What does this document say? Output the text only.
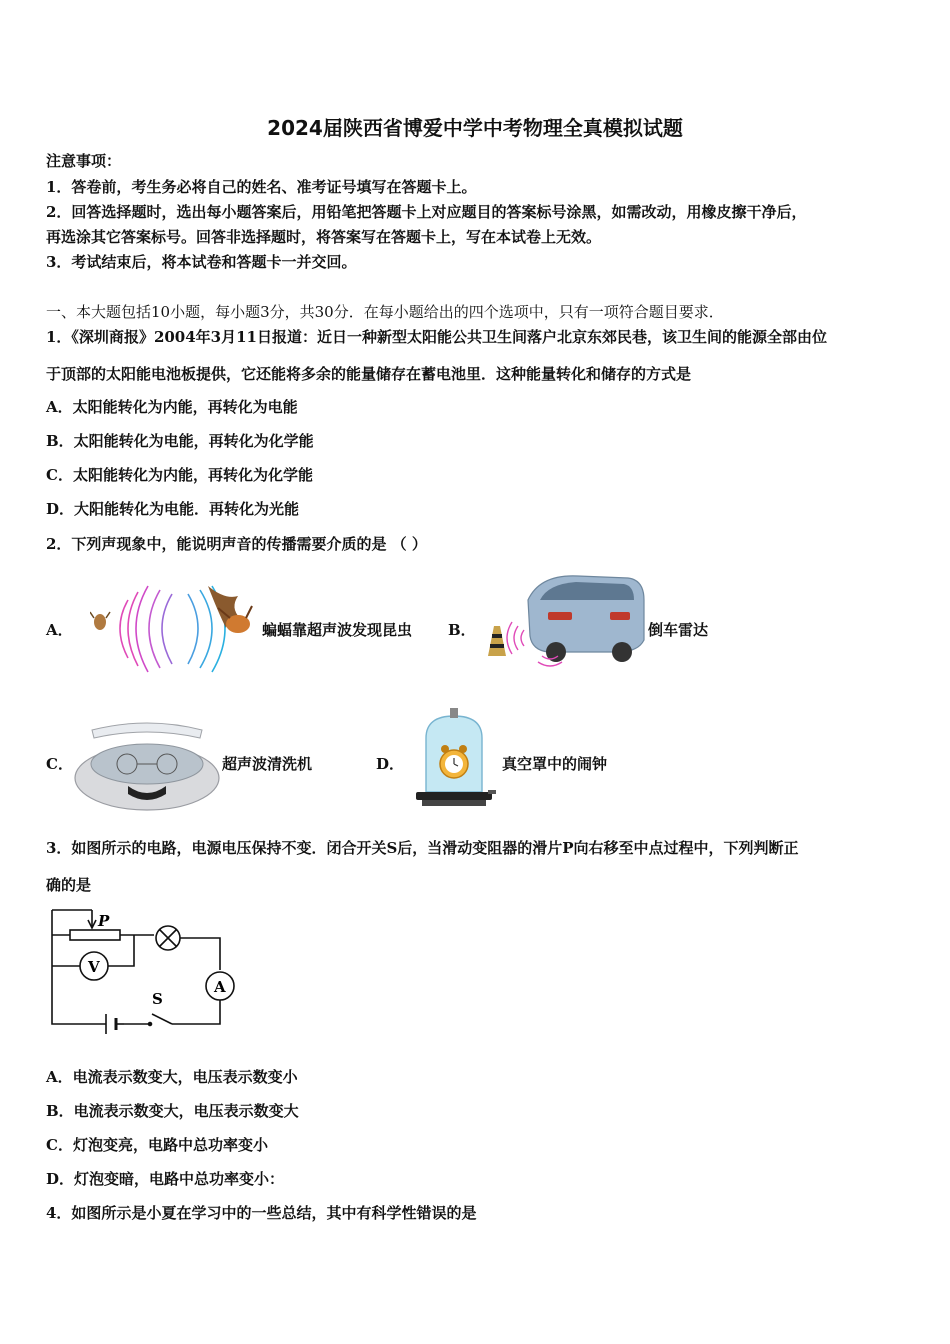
2024届陕西省博爱中学中考物理全真模拟试题
注意事项：
1．答卷前，考生务必将自己的姓名、准考证号填写在答题卡上。
2．回答选择题时，选出每小题答案后，用铅笔把答题卡上对应题目的答案标号涂黑，如需改动，用橡皮擦干净后，
再选涂其它答案标号。回答非选择题时，将答案写在答题卡上，写在本试卷上无效。
3．考试结束后，将本试卷和答题卡一并交回。
一、本大题包括10小题，每小题3分，共30分．在每小题给出的四个选项中，只有一项符合题目要求．
1．《深圳商报》2004年3月11日报道：近日一种新型太阳能公共卫生间落户北京东郊民巷，该卫生间的能源全部由位
于顶部的太阳能电池板提供，它还能将多余的能量储存在蓄电池里．这种能量转化和储存的方式是
A．太阳能转化为内能，再转化为电能
B．太阳能转化为电能，再转化为化学能
C．太阳能转化为内能，再转化为化学能
D．大阳能转化为电能．再转化为光能
2．下列声现象中，能说明声音的传播需要介质的是 （ ）
A．	蝙蝠靠超声波发现昆虫 B．	倒车雷达
C．	超声波清洗机	D．	真空罩中的闹钟
3．如图所示的电路，电源电压保持不变．闭合开关S后，当滑动变阻器的滑片P向右移至中点过程中，下列判断正
确的是
P
V
A
S
A．电流表示数变大，电压表示数变小
B．电流表示数变大，电压表示数变大
C．灯泡变亮，电路中总功率变小
D．灯泡变暗，电路中总功率变小：
4．如图所示是小夏在学习中的一些总结，其中有科学性错误的是
